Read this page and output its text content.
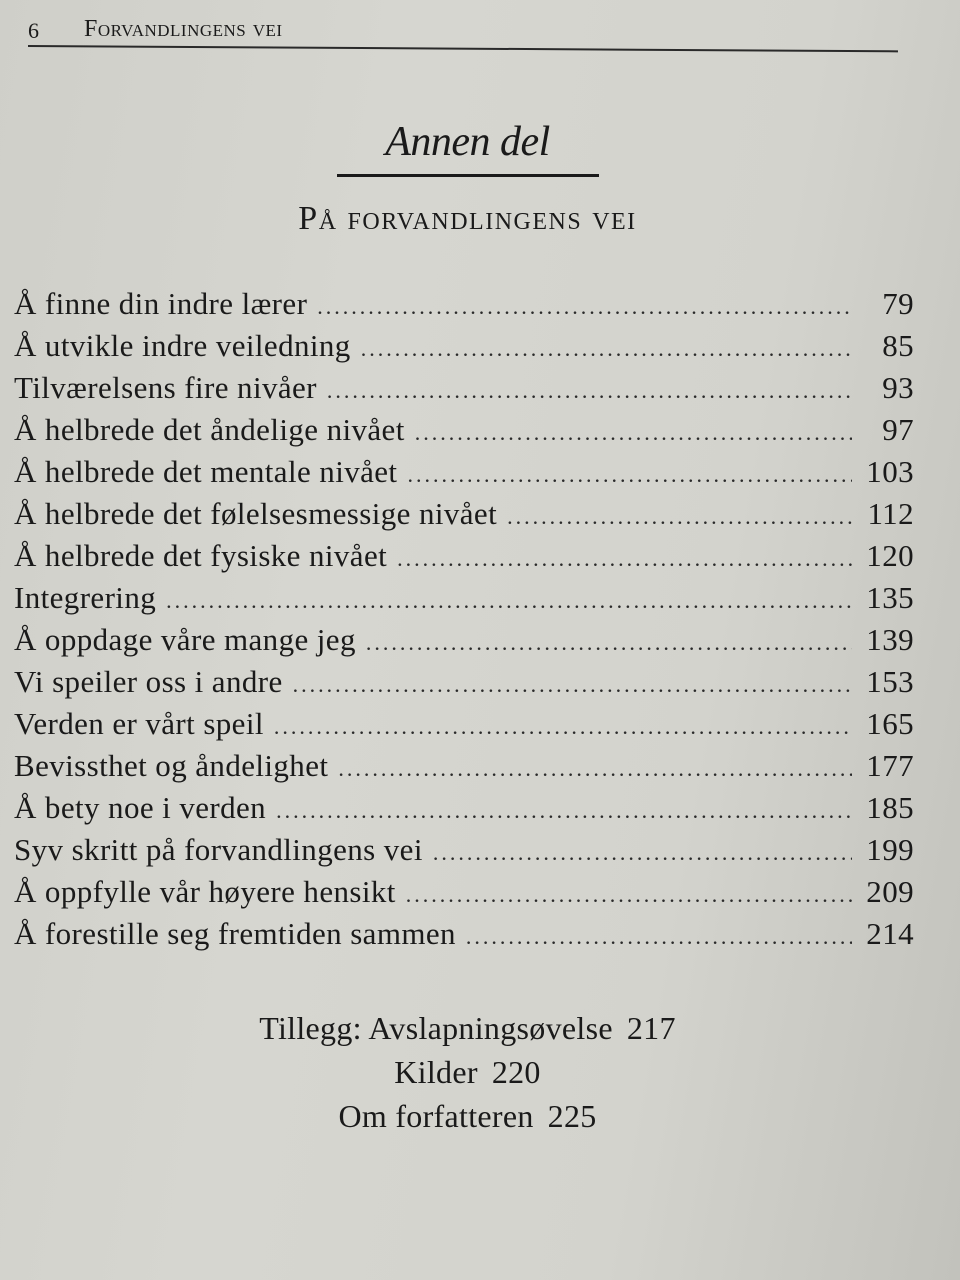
6 Forvandlingens vei
Annen del
På forvandlingens vei
Å finne din indre lærer .....	79
Å utvikle indre veiledning .....	85
Tilværelsens fire nivåer .....	93
Å helbrede det åndelige nivået .....	97
Å helbrede det mentale nivået .....	103
Å helbrede det følelsesmessige nivået .....	112
Å helbrede det fysiske nivået .....	120
Integrering .....	135
Å oppdage våre mange jeg .....	139
Vi speiler oss i andre .....	153
Verden er vårt speil .....	165
Bevissthet og åndelighet .....	177
Å bety noe i verden .....	185
Syv skritt på forvandlingens vei .....	199
Å oppfylle vår høyere hensikt .....	209
Å forestille seg fremtiden sammen .....	214
Tillegg: Avslapningsøvelse 217
Kilder 220
Om forfatteren 225
